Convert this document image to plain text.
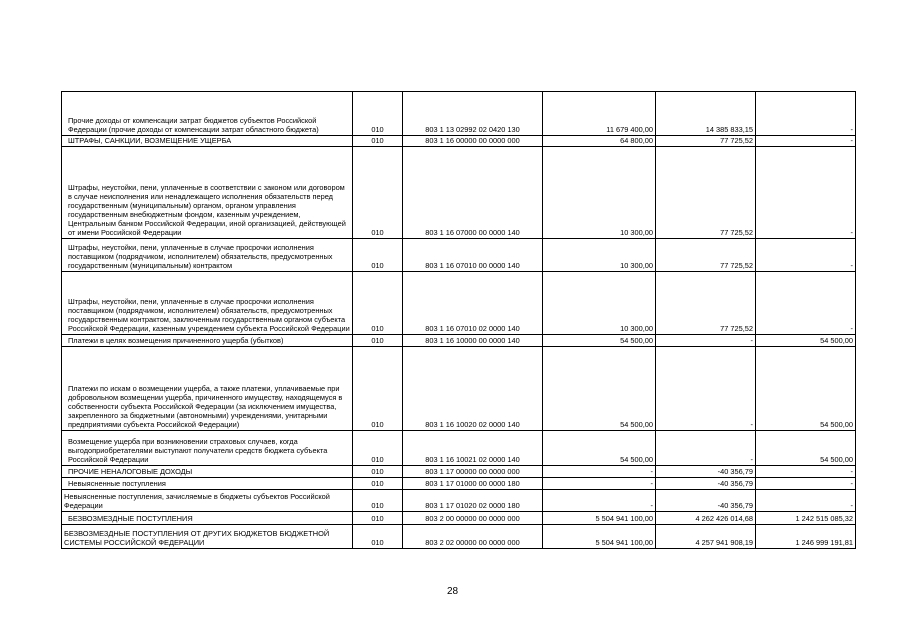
Прочие доходы от компенсации затрат бюджетов субъектов Российской Федерации (прочие доходы от компенсации затрат областного бюджета)	010	803 1 13 02992 02 0420 130	11 679 400,00	14 385 833,15	-
ШТРАФЫ, САНКЦИИ, ВОЗМЕЩЕНИЕ УЩЕРБА	010	803 1 16 00000 00 0000 000	64 800,00	77 725,52	-
Штрафы, неустойки, пени, уплаченные в соответствии с законом или договором в случае неисполнения или ненадлежащего исполнения обязательств перед государственным (муниципальным) органом, органом управления государственным внебюджетным фондом, казенным учреждением, Центральным банком Российской Федерации, иной организацией, действующей от имени Российской Федерации	010	803 1 16 07000 00 0000 140	10 300,00	77 725,52	-
Штрафы, неустойки, пени, уплаченные в случае просрочки исполнения поставщиком (подрядчиком, исполнителем) обязательств, предусмотренных государственным (муниципальным) контрактом	010	803 1 16 07010 00 0000 140	10 300,00	77 725,52	-
Штрафы, неустойки, пени, уплаченные в случае просрочки исполнения поставщиком (подрядчиком, исполнителем) обязательств, предусмотренных государственным контрактом, заключенным государственным органом субъекта Российской Федерации, казенным учреждением субъекта Российской Федерации	010	803 1 16 07010 02 0000 140	10 300,00	77 725,52	-
Платежи в целях возмещения причиненного ущерба (убытков)	010	803 1 16 10000 00 0000 140	54 500,00	-	54 500,00
Платежи по искам о возмещении ущерба, а также платежи, уплачиваемые при добровольном возмещении ущерба, причиненного имуществу, находящемуся в собственности субъекта Российской Федерации (за исключением имущества, закрепленного за бюджетными (автономными) учреждениями, унитарными предприятиями субъекта Российской Федерации)	010	803 1 16 10020 02 0000 140	54 500,00	-	54 500,00
Возмещение ущерба при возникновении страховых случаев, когда выгодоприобретателями выступают получатели средств бюджета субъекта Российской Федерации	010	803 1 16 10021 02 0000 140	54 500,00	-	54 500,00
ПРОЧИЕ НЕНАЛОГОВЫЕ ДОХОДЫ	010	803 1 17 00000 00 0000 000	-	-40 356,79	-
Невыясненные поступления	010	803 1 17 01000 00 0000 180	-	-40 356,79	-
Невыясненные поступления, зачисляемые в бюджеты субъектов Российской Федерации	010	803 1 17 01020 02 0000 180	-	-40 356,79	-
БЕЗВОЗМЕЗДНЫЕ ПОСТУПЛЕНИЯ	010	803 2 00 00000 00 0000 000	5 504 941 100,00	4 262 426 014,68	1 242 515 085,32
БЕЗВОЗМЕЗДНЫЕ ПОСТУПЛЕНИЯ ОТ ДРУГИХ БЮДЖЕТОВ БЮДЖЕТНОЙ СИСТЕМЫ РОССИЙСКОЙ ФЕДЕРАЦИИ	010	803 2 02 00000 00 0000 000	5 504 941 100,00	4 257 941 908,19	1 246 999 191,81
28
